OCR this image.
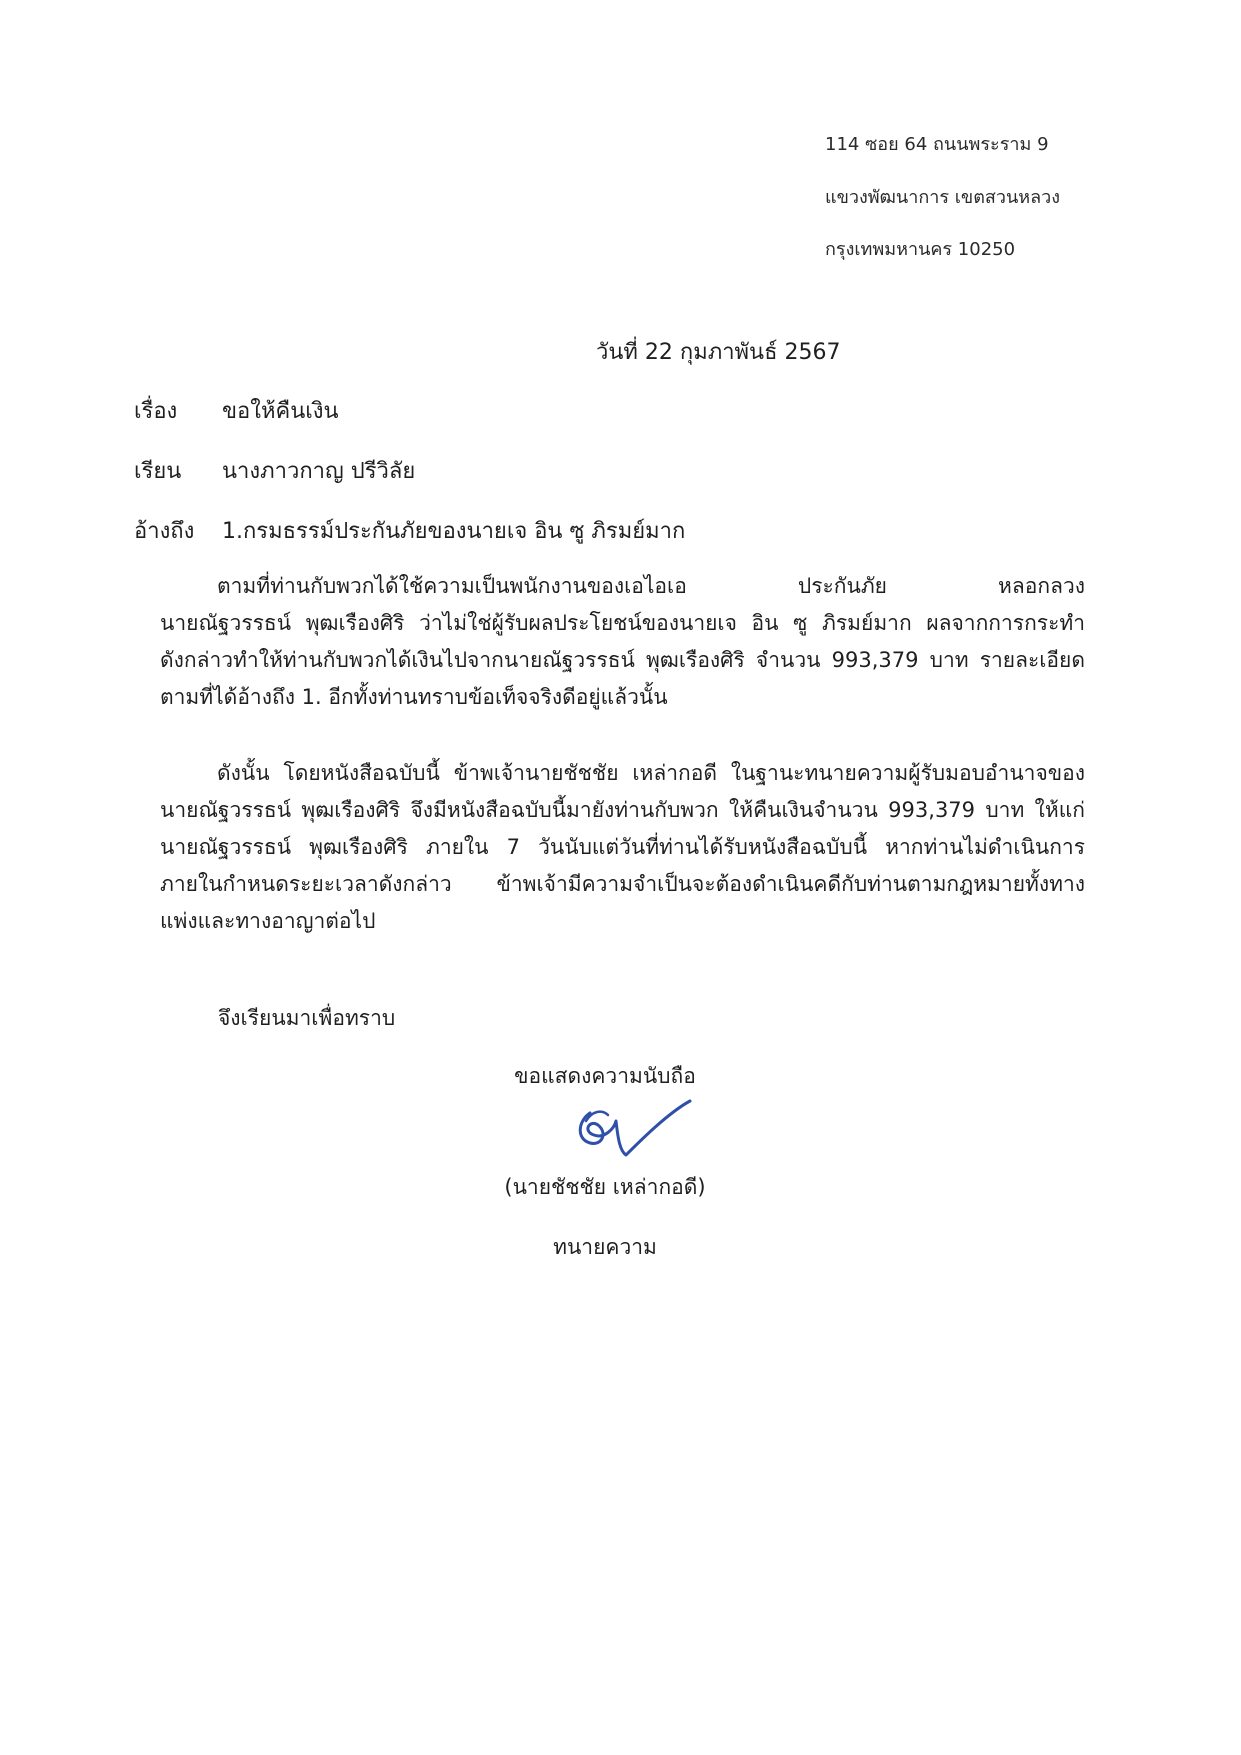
114 ซอย 64 ถนนพระราม 9
แขวงพัฒนาการ เขตสวนหลวง
กรุงเทพมหานคร 10250
วันที่ 22 กุมภาพันธ์ 2567
เรื่อง ขอให้คืนเงิน
เรียน นางภาวกาญ ปรีวิลัย
อ้างถึง 1.กรมธรรม์ประกันภัยของนายเจ อิน ซู ภิรมย์มาก
ตามที่ท่านกับพวกได้ใช้ความเป็นพนักงานของเอไอเอ ประกันภัย หลอกลวง
นายณัฐวรรธน์ พุฒเรืองศิริ ว่าไม่ใช่ผู้รับผลประโยชน์ของนายเจ อิน ซู ภิรมย์มาก ผลจากการกระทำ
ดังกล่าวทำให้ท่านกับพวกได้เงินไปจากนายณัฐวรรธน์ พุฒเรืองศิริ จำนวน 993,379 บาท รายละเอียด
ตามที่ได้อ้างถึง 1. อีกทั้งท่านทราบข้อเท็จจริงดีอยู่แล้วนั้น
ดังนั้น โดยหนังสือฉบับนี้ ข้าพเจ้านายชัชชัย เหล่ากอดี ในฐานะทนายความผู้รับมอบอำนาจของ
นายณัฐวรรธน์ พุฒเรืองศิริ จึงมีหนังสือฉบับนี้มายังท่านกับพวก ให้คืนเงินจำนวน 993,379 บาท ให้แก่
นายณัฐวรรธน์ พุฒเรืองศิริ ภายใน 7 วันนับแต่วันที่ท่านได้รับหนังสือฉบับนี้ หากท่านไม่ดำเนินการ
ภายในกำหนดระยะเวลาดังกล่าว ข้าพเจ้ามีความจำเป็นจะต้องดำเนินคดีกับท่านตามกฎหมายทั้งทาง
แพ่งและทางอาญาต่อไป
จึงเรียนมาเพื่อทราบ
ขอแสดงความนับถือ
(นายชัชชัย เหล่ากอดี)
ทนายความ
